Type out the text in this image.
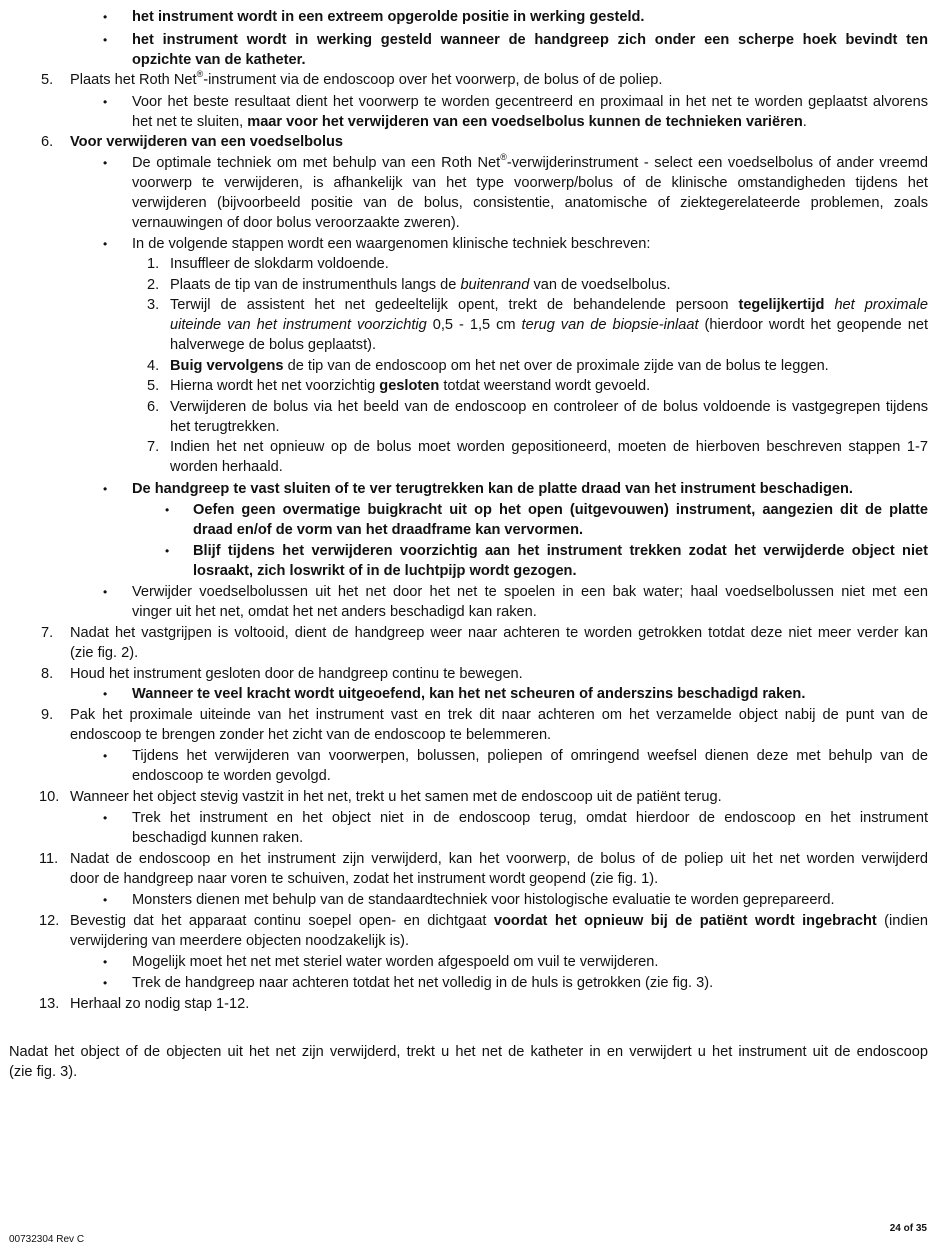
• het instrument wordt in een extreem opgerolde positie in werking gesteld.
• het instrument wordt in werking gesteld wanneer de handgreep zich onder een scherpe hoek bevindt ten
opzichte van de katheter.
5. Plaats het Roth Net®-instrument via de endoscoop over het voorwerp, de bolus of de poliep.
• Voor het beste resultaat dient het voorwerp te worden gecentreerd en proximaal in het net te worden geplaatst alvorens
het net te sluiten, maar voor het verwijderen van een voedselbolus kunnen de technieken variëren.
6. Voor verwijderen van een voedselbolus
• De optimale techniek om met behulp van een Roth Net®-verwijderinstrument - select een voedselbolus of ander vreemd
voorwerp te verwijderen, is afhankelijk van het type voorwerp/bolus of de klinische omstandigheden tijdens het
verwijderen (bijvoorbeeld positie van de bolus, consistentie, anatomische of ziektegerelateerde problemen, zoals
vernauwingen of door bolus veroorzaakte zweren).
• In de volgende stappen wordt een waargenomen klinische techniek beschreven:
1. Insuffleer de slokdarm voldoende.
2. Plaats de tip van de instrumenthuls langs de buitenrand van de voedselbolus.
3. Terwijl de assistent het net gedeeltelijk opent, trekt de behandelende persoon tegelijkertijd het proximale
uiteinde van het instrument voorzichtig 0,5 - 1,5 cm terug van de biopsie-inlaat (hierdoor wordt het geopende net
halverwege de bolus geplaatst).
4. Buig vervolgens de tip van de endoscoop om het net over de proximale zijde van de bolus te leggen.
5. Hierna wordt het net voorzichtig gesloten totdat weerstand wordt gevoeld.
6. Verwijderen de bolus via het beeld van de endoscoop en controleer of de bolus voldoende is vastgegrepen tijdens
het terugtrekken.
7. Indien het net opnieuw op de bolus moet worden gepositioneerd, moeten de hierboven beschreven stappen 1-7
worden herhaald.
• De handgreep te vast sluiten of te ver terugtrekken kan de platte draad van het instrument beschadigen.
• Oefen geen overmatige buigkracht uit op het open (uitgevouwen) instrument, aangezien dit de platte
draad en/of de vorm van het draadframe kan vervormen.
• Blijf tijdens het verwijderen voorzichtig aan het instrument trekken zodat het verwijderde object niet
losraakt, zich loswrikt of in de luchtpijp wordt gezogen.
• Verwijder voedselbolussen uit het net door het net te spoelen in een bak water; haal voedselbolussen niet met een
vinger uit het net, omdat het net anders beschadigd kan raken.
7. Nadat het vastgrijpen is voltooid, dient de handgreep weer naar achteren te worden getrokken totdat deze niet meer verder kan
(zie fig. 2).
8. Houd het instrument gesloten door de handgreep continu te bewegen.
• Wanneer te veel kracht wordt uitgeoefend, kan het net scheuren of anderszins beschadigd raken.
9. Pak het proximale uiteinde van het instrument vast en trek dit naar achteren om het verzamelde object nabij de punt van de
endoscoop te brengen zonder het zicht van de endoscoop te belemmeren.
• Tijdens het verwijderen van voorwerpen, bolussen, poliepen of omringend weefsel dienen deze met behulp van de
endoscoop te worden gevolgd.
10. Wanneer het object stevig vastzit in het net, trekt u het samen met de endoscoop uit de patiënt terug.
• Trek het instrument en het object niet in de endoscoop terug, omdat hierdoor de endoscoop en het instrument
beschadigd kunnen raken.
11. Nadat de endoscoop en het instrument zijn verwijderd, kan het voorwerp, de bolus of de poliep uit het net worden verwijderd
door de handgreep naar voren te schuiven, zodat het instrument wordt geopend (zie fig. 1).
• Monsters dienen met behulp van de standaardtechniek voor histologische evaluatie te worden geprepareerd.
12. Bevestig dat het apparaat continu soepel open- en dichtgaat voordat het opnieuw bij de patiënt wordt ingebracht (indien
verwijdering van meerdere objecten noodzakelijk is).
• Mogelijk moet het net met steriel water worden afgespoeld om vuil te verwijderen.
• Trek de handgreep naar achteren totdat het net volledig in de huls is getrokken (zie fig. 3).
13. Herhaal zo nodig stap 1-12.
Nadat het object of de objecten uit het net zijn verwijderd, trekt u het net de katheter in en verwijdert u het instrument uit de endoscoop
(zie fig. 3).
00732304 Rev C
24 of 35
